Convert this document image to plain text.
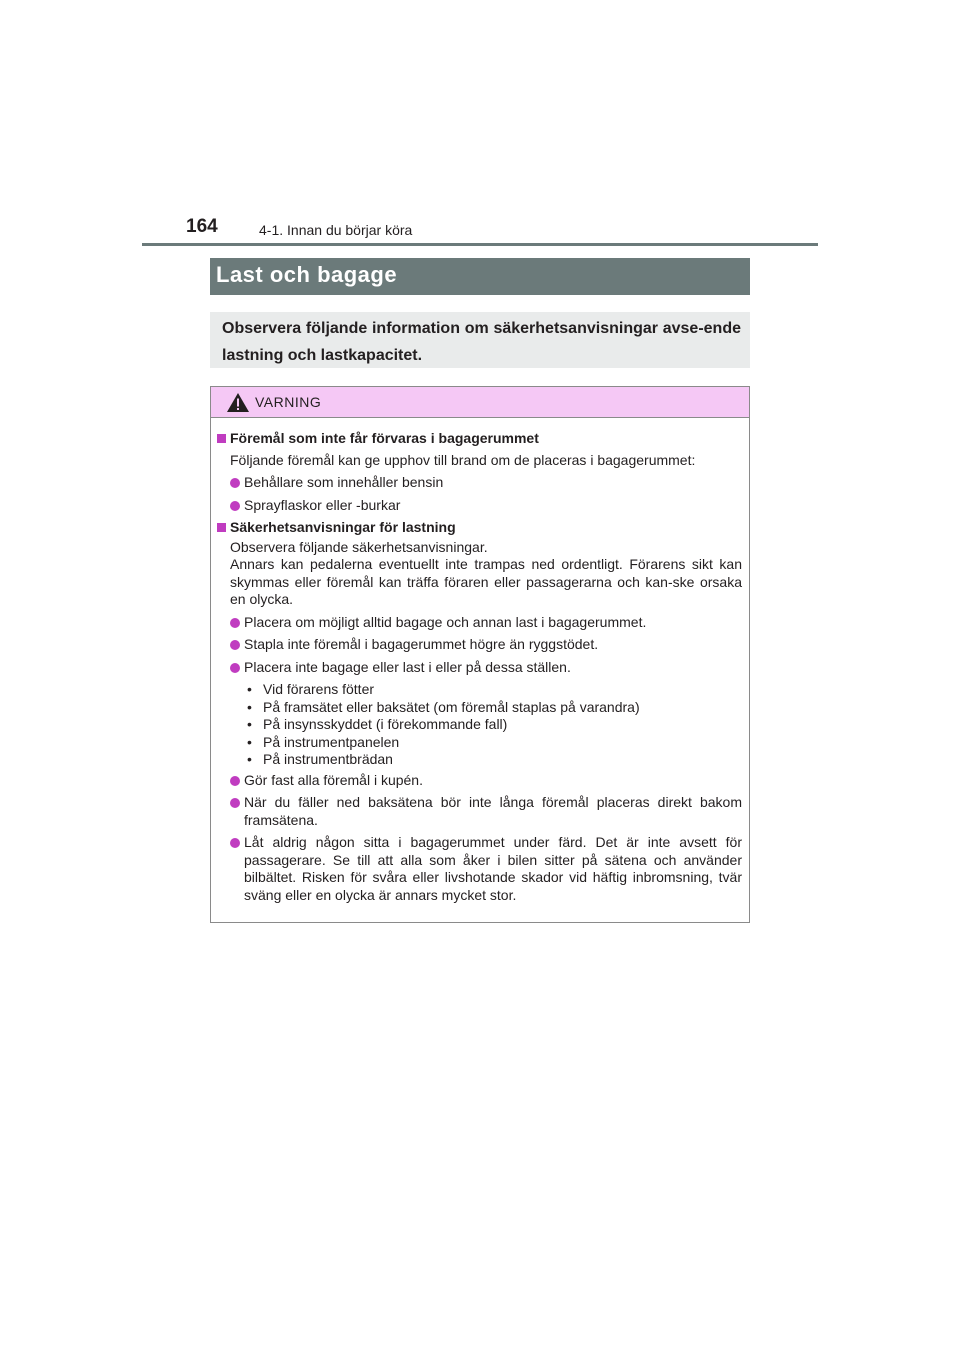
164	4-1. Innan du börjar köra
Last och bagage
Observera följande information om säkerhetsanvisningar avse-ende lastning och lastkapacitet.
VARNING
Föremål som inte får förvaras i bagagerummet
Följande föremål kan ge upphov till brand om de placeras i bagagerummet:
Behållare som innehåller bensin
Sprayflaskor eller -burkar
Säkerhetsanvisningar för lastning
Observera följande säkerhetsanvisningar.
Annars kan pedalerna eventuellt inte trampas ned ordentligt. Förarens sikt kan skymmas eller föremål kan träffa föraren eller passagerarna och kan-ske orsaka en olycka.
Placera om möjligt alltid bagage och annan last i bagagerummet.
Stapla inte föremål i bagagerummet högre än ryggstödet.
Placera inte bagage eller last i eller på dessa ställen.
• Vid förarens fötter
• På framsätet eller baksätet (om föremål staplas på varandra)
• På insynsskyddet (i förekommande fall)
• På instrumentpanelen
• På instrumentbrädan
Gör fast alla föremål i kupén.
När du fäller ned baksätena bör inte långa föremål placeras direkt bakom framsätena.
Låt aldrig någon sitta i bagagerummet under färd. Det är inte avsett för passagerare. Se till att alla som åker i bilen sitter på sätena och använder bilbältet. Risken för svåra eller livshotande skador vid häftig inbromsning, tvär sväng eller en olycka är annars mycket stor.
